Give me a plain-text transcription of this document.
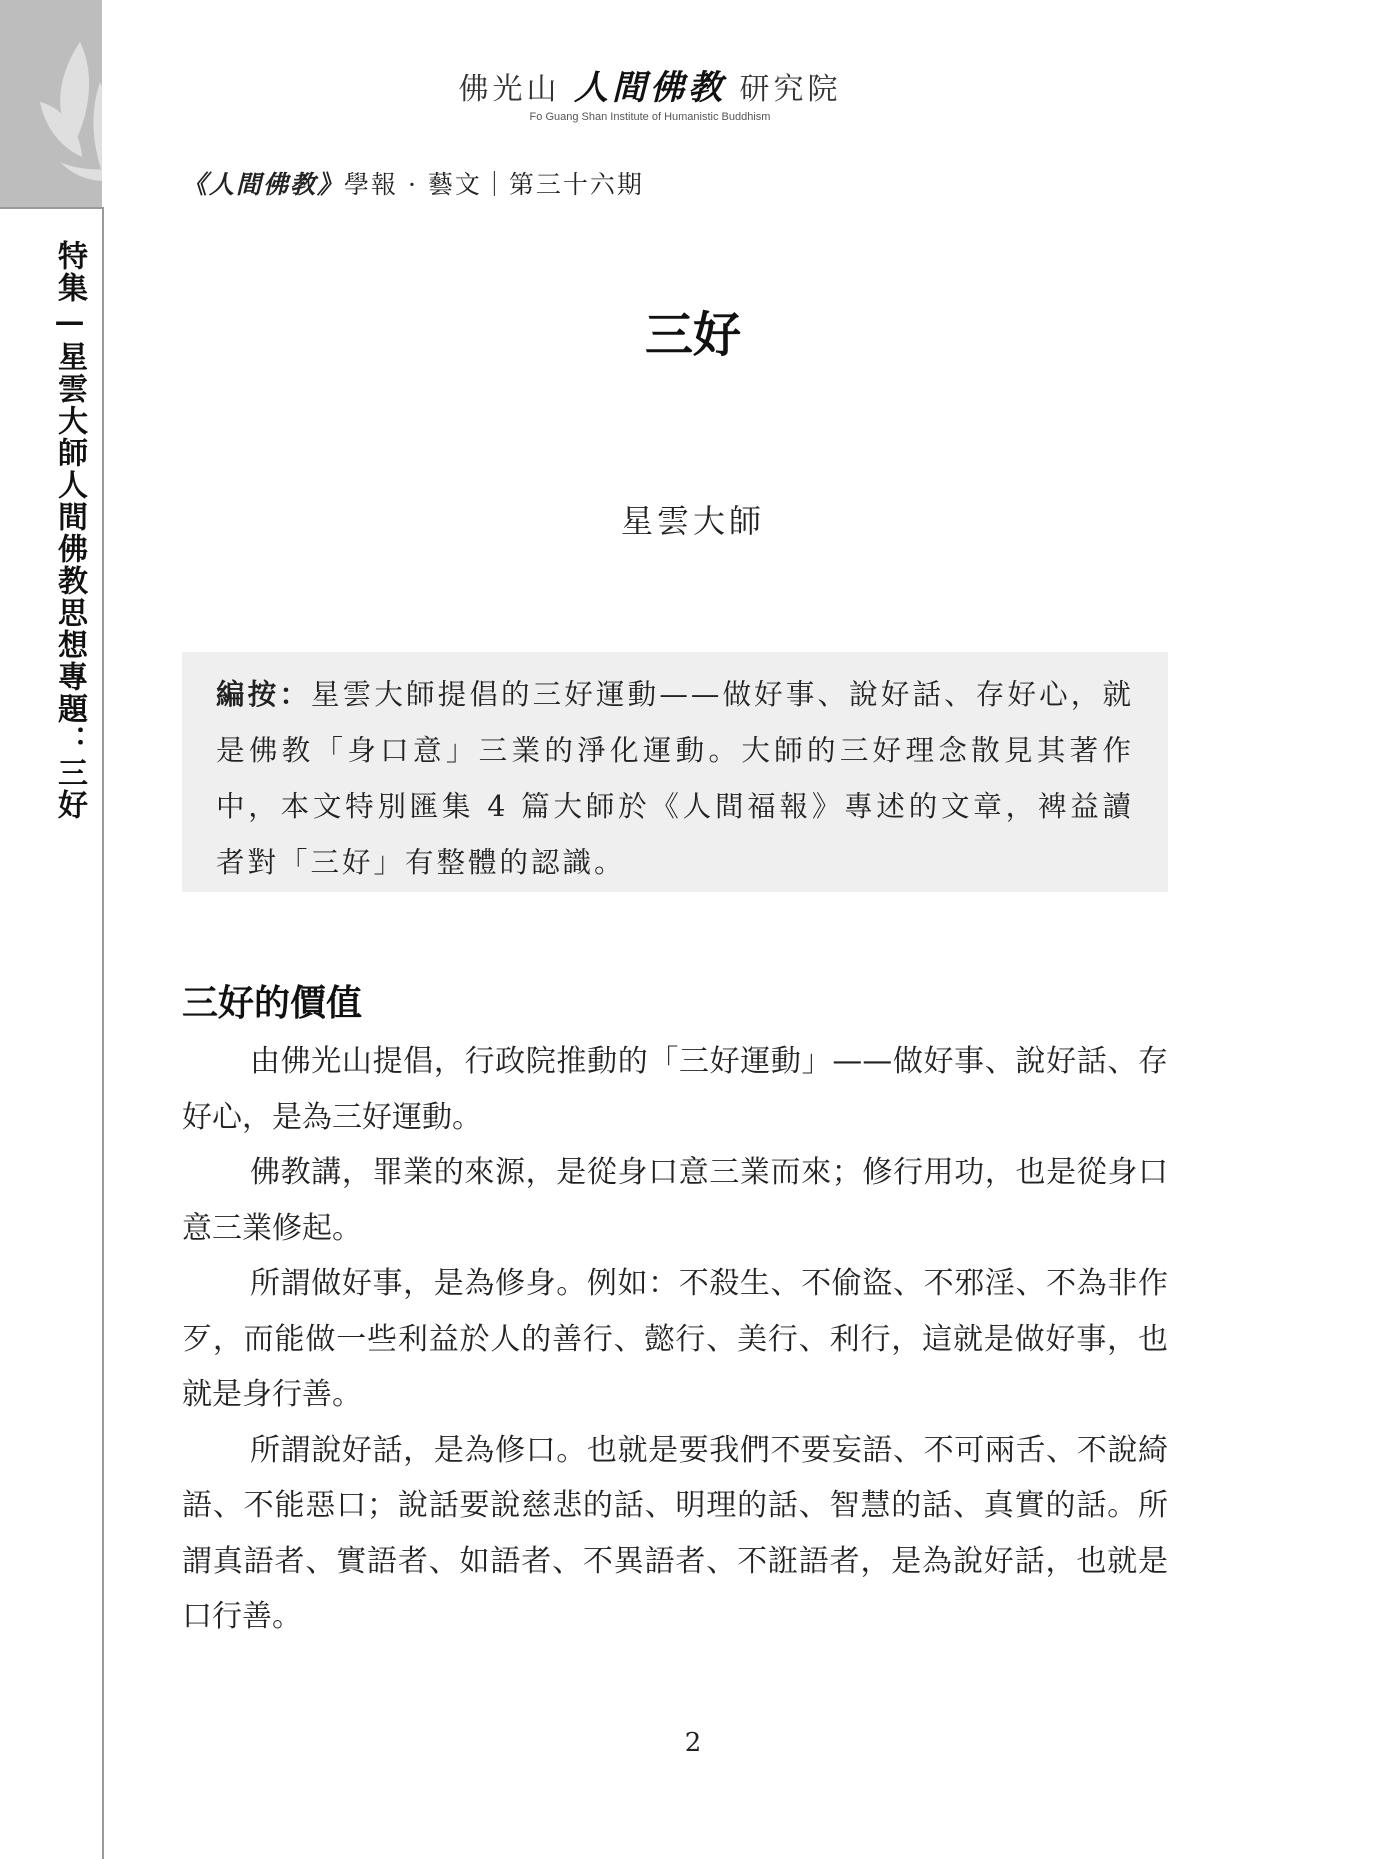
特集—星雲大師人間佛教思想專題：三好
佛光山 人間佛教 研究院
Fo Guang Shan Institute of Humanistic Buddhism
《人間佛教》學報 · 藝文｜第三十六期
三好
星雲大師
編按：星雲大師提倡的三好運動——做好事、說好話、存好心，就是佛教「身口意」三業的淨化運動。大師的三好理念散見其著作中，本文特別匯集 4 篇大師於《人間福報》專述的文章，裨益讀者對「三好」有整體的認識。
三好的價值

由佛光山提倡，行政院推動的「三好運動」——做好事、說好話、存好心，是為三好運動。

佛教講，罪業的來源，是從身口意三業而來；修行用功，也是從身口意三業修起。

所謂做好事，是為修身。例如：不殺生、不偷盜、不邪淫、不為非作歹，而能做一些利益於人的善行、懿行、美行、利行，這就是做好事，也就是身行善。

所謂說好話，是為修口。也就是要我們不要妄語、不可兩舌、不說綺語、不能惡口；說話要說慈悲的話、明理的話、智慧的話、真實的話。所謂真語者、實語者、如語者、不異語者、不誑語者，是為說好話，也就是口行善。

2
